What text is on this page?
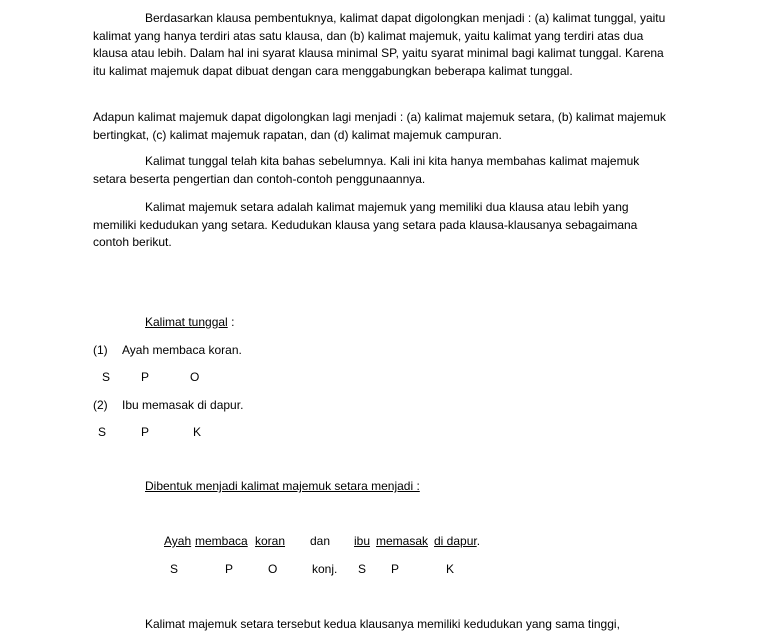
Berdasarkan klausa pembentuknya, kalimat dapat digolongkan menjadi : (a) kalimat tunggal, yaitu kalimat yang hanya terdiri atas satu klausa, dan (b) kalimat majemuk, yaitu kalimat yang terdiri atas dua klausa atau lebih. Dalam hal ini syarat klausa minimal SP, yaitu syarat minimal bagi kalimat tunggal. Karena itu kalimat majemuk dapat dibuat dengan cara menggabungkan beberapa kalimat tunggal.

Adapun kalimat majemuk dapat digolongkan lagi menjadi : (a) kalimat majemuk setara, (b) kalimat majemuk bertingkat, (c) kalimat majemuk rapatan, dan (d) kalimat majemuk campuran.

Kalimat tunggal telah kita bahas sebelumnya. Kali ini kita hanya membahas kalimat majemuk setara beserta pengertian dan contoh-contoh penggunaannya.

Kalimat majemuk setara adalah kalimat majemuk yang memiliki dua klausa atau lebih yang memiliki kedudukan yang setara. Kedudukan klausa yang setara pada klausa-klausanya sebagaimana contoh berikut.

Kalimat tunggal :
(1) Ayah membaca koran.
S	P	O
(2) Ibu memasak di dapur.
S	P	K
Dibentuk menjadi kalimat majemuk setara menjadi :
Ayah membaca koran dan ibu memasak di dapur.
S	P	O	konj. S P	K
Kalimat majemuk setara tersebut kedua klausanya memiliki kedudukan yang sama tinggi,
